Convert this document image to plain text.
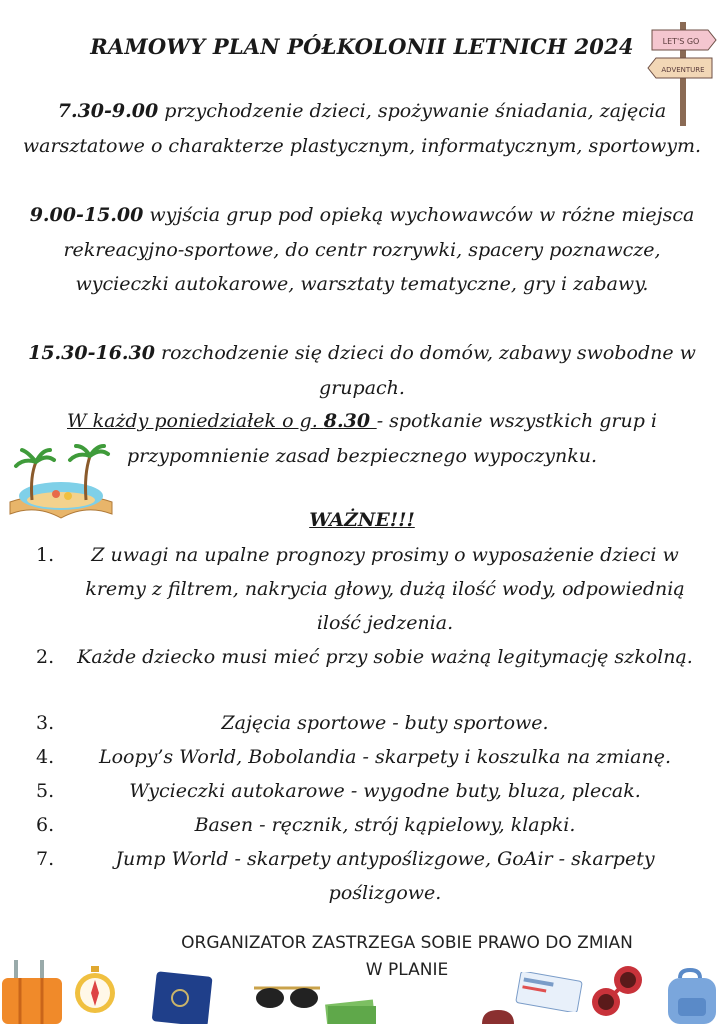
RAMOWY PLAN PÓŁKOLONII LETNICH 2024	LET'S GO
ADVENTURE
7.30-9.00 przychodzenie dzieci, spożywanie śniadania, zajęcia warsztatowe o charakterze plastycznym, informatycznym, sportowym.
9.00-15.00 wyjścia grup pod opieką wychowawców w różne miejsca rekreacyjno-sportowe, do centr rozrywki, spacery poznawcze, wycieczki autokarowe, warsztaty tematyczne, gry i zabawy.
15.30-16.30 rozchodzenie się dzieci do domów, zabawy swobodne w grupach.
W każdy poniedziałek o g. 8.30 - spotkanie wszystkich grup i przypomnienie zasad bezpiecznego wypoczynku.
WAŻNE!!!
1.	Z uwagi na upalne prognozy prosimy o wyposażenie dzieci w kremy z filtrem, nakrycia głowy, dużą ilość wody, odpowiednią ilość jedzenia.
2.	Każde dziecko musi mieć przy sobie ważną legitymację szkolną.
3.	Zajęcia sportowe - buty sportowe.
4.	Loopy’s World, Bobolandia - skarpety i koszulka na zmianę.
5.	Wycieczki autokarowe - wygodne buty, bluza, plecak.
6.	Basen - ręcznik, strój kąpielowy, klapki.
7.	Jump World - skarpety antypoślizgowe, GoAir - skarpety poślizgowe.
ORGANIZATOR ZASTRZEGA SOBIE PRAWO DO ZMIAN
W PLANIE
